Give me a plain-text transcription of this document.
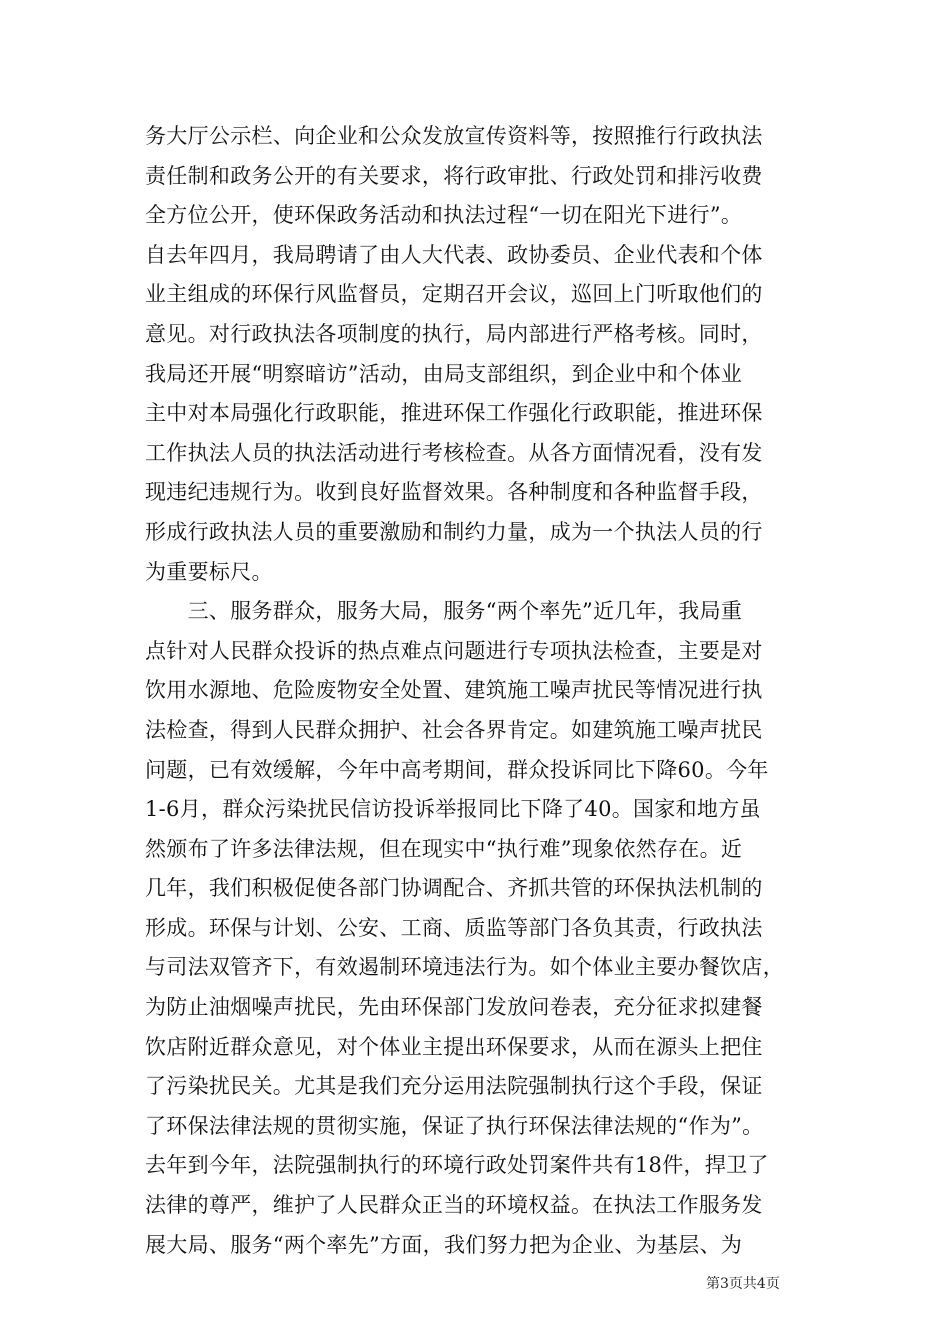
务大厅公示栏、向企业和公众发放宣传资料等，按照推行行政执法
责任制和政务公开的有关要求，将行政审批、行政处罚和排污收费
全方位公开，使环保政务活动和执法过程“一切在阳光下进行”。
自去年四月，我局聘请了由人大代表、政协委员、企业代表和个体
业主组成的环保行风监督员，定期召开会议，巡回上门听取他们的
意见。对行政执法各项制度的执行，局内部进行严格考核。同时，
我局还开展“明察暗访”活动，由局支部组织，到企业中和个体业
主中对本局强化行政职能，推进环保工作强化行政职能，推进环保
工作执法人员的执法活动进行考核检查。从各方面情况看，没有发
现违纪违规行为。收到良好监督效果。各种制度和各种监督手段，
形成行政执法人员的重要激励和制约力量，成为一个执法人员的行
为重要标尺。
　　三、服务群众，服务大局，服务“两个率先”近几年，我局重
点针对人民群众投诉的热点难点问题进行专项执法检查，主要是对
饮用水源地、危险废物安全处置、建筑施工噪声扰民等情况进行执
法检查，得到人民群众拥护、社会各界肯定。如建筑施工噪声扰民
问题，已有效缓解，今年中高考期间，群众投诉同比下降60。今年
1-6月，群众污染扰民信访投诉举报同比下降了40。国家和地方虽
然颁布了许多法律法规，但在现实中“执行难”现象依然存在。近
几年，我们积极促使各部门协调配合、齐抓共管的环保执法机制的
形成。环保与计划、公安、工商、质监等部门各负其责，行政执法
与司法双管齐下，有效遏制环境违法行为。如个体业主要办餐饮店，
为防止油烟噪声扰民，先由环保部门发放问卷表，充分征求拟建餐
饮店附近群众意见，对个体业主提出环保要求，从而在源头上把住
了污染扰民关。尤其是我们充分运用法院强制执行这个手段，保证
了环保法律法规的贯彻实施，保证了执行环保法律法规的“作为”。
去年到今年，法院强制执行的环境行政处罚案件共有18件，捍卫了
法律的尊严，维护了人民群众正当的环境权益。在执法工作服务发
展大局、服务“两个率先”方面，我们努力把为企业、为基层、为
第3页共4页
